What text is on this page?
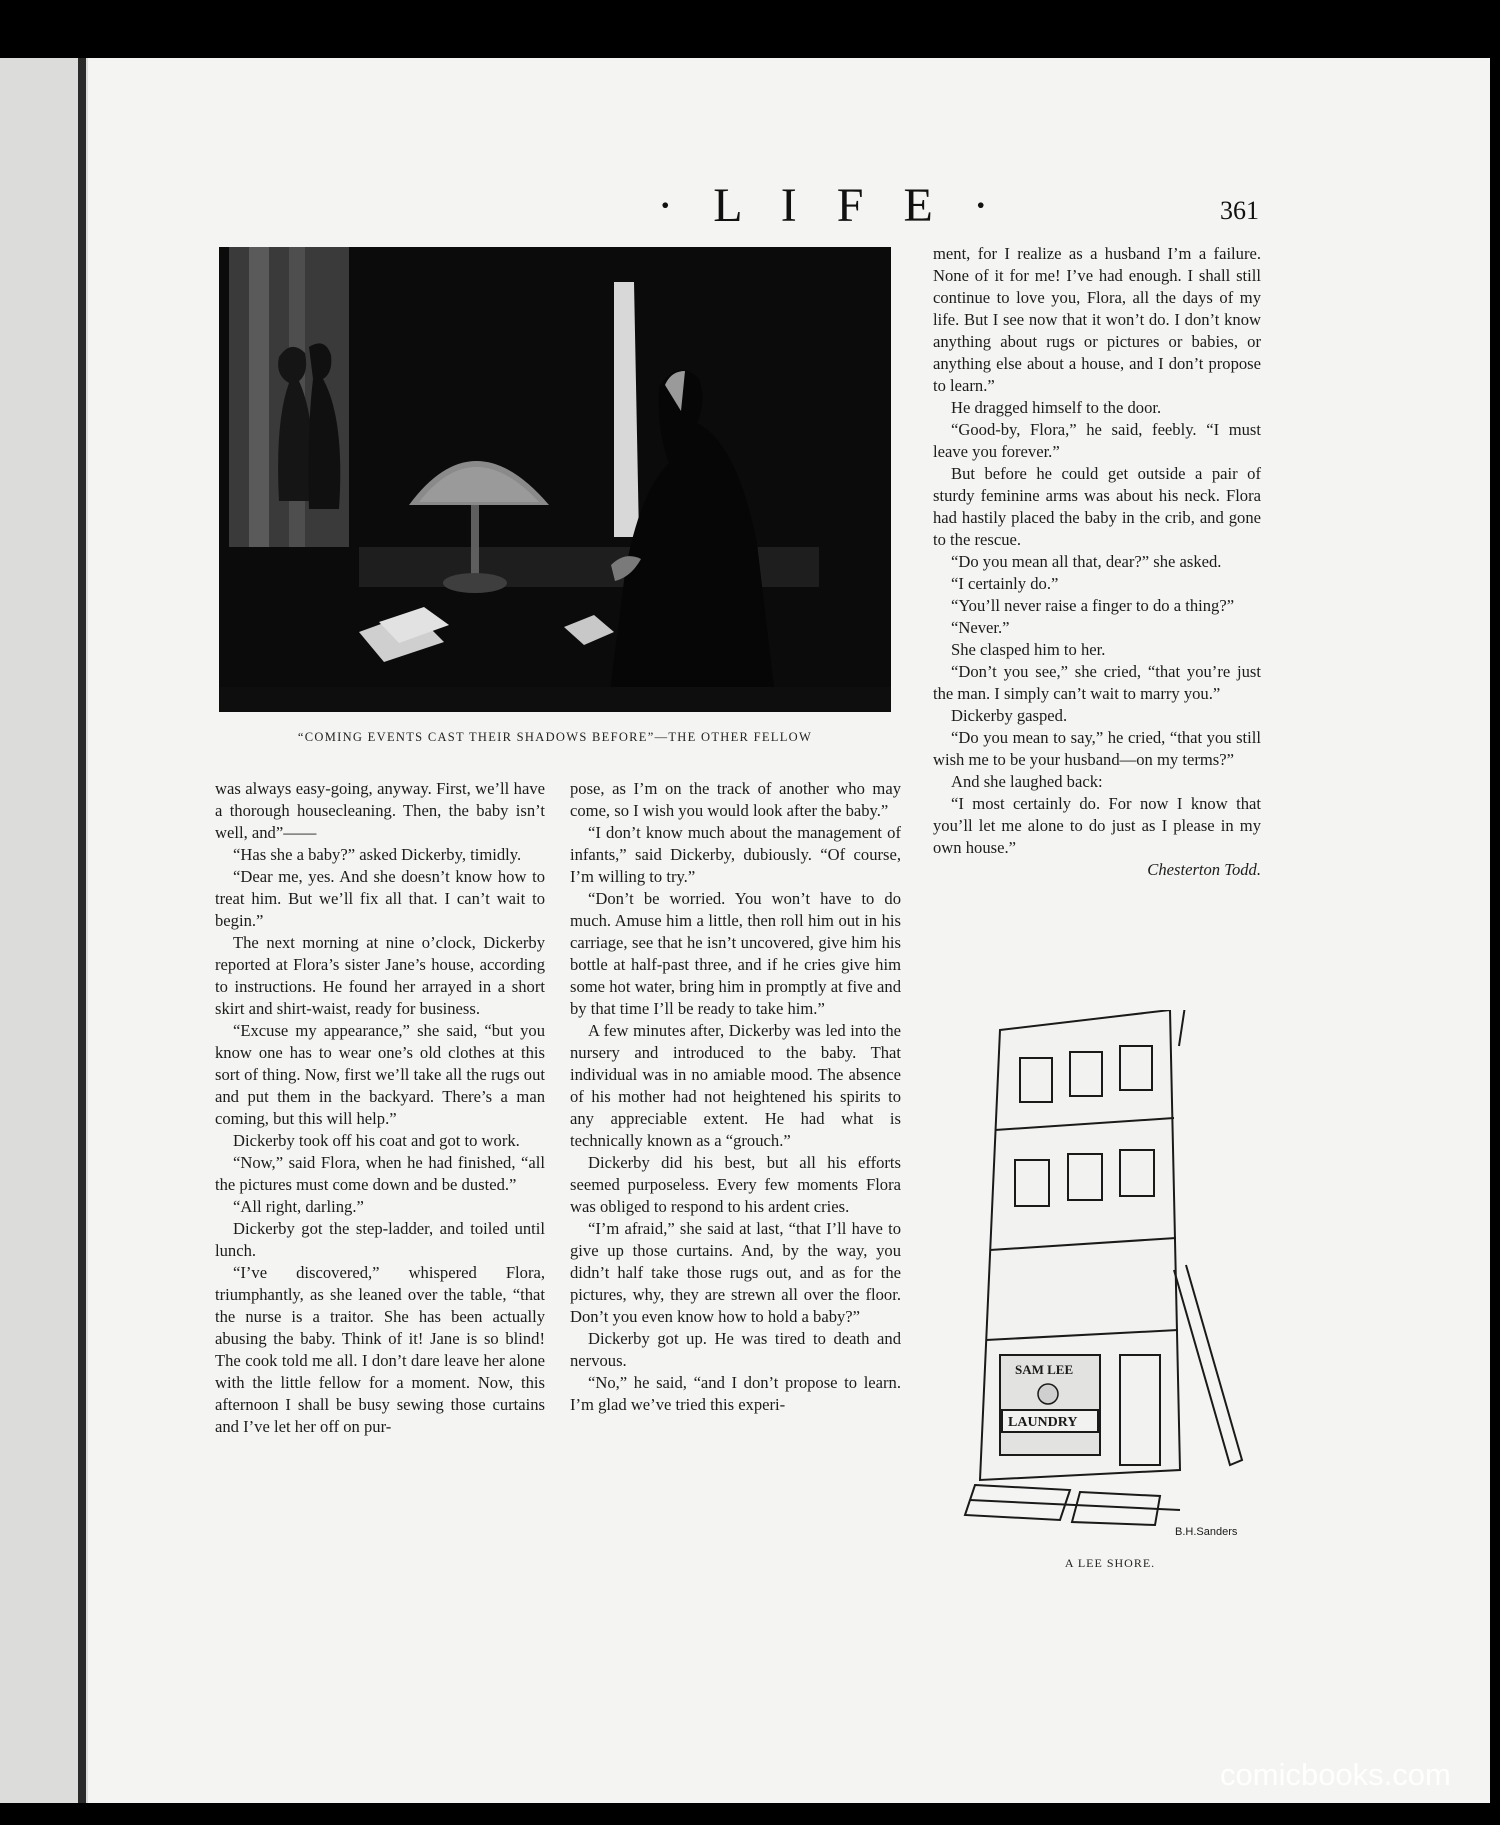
· L I F E ·	361
“COMING EVENTS CAST THEIR SHADOWS BEFORE”—THE OTHER FELLOW

was always easy-going, anyway. First, we’ll have a thorough housecleaning. Then, the baby isn’t well, and”——

“Has she a baby?” asked Dickerby, timidly.

“Dear me, yes. And she doesn’t know how to treat him. But we’ll fix all that. I can’t wait to begin.”

The next morning at nine o’clock, Dickerby reported at Flora’s sister Jane’s house, according to instructions. He found her arrayed in a short skirt and shirt-waist, ready for business.

“Excuse my appearance,” she said, “but you know one has to wear one’s old clothes at this sort of thing. Now, first we’ll take all the rugs out and put them in the backyard. There’s a man coming, but this will help.”

Dickerby took off his coat and got to work.

“Now,” said Flora, when he had finished, “all the pictures must come down and be dusted.”

“All right, darling.”

Dickerby got the step-ladder, and toiled until lunch.

“I’ve discovered,” whispered Flora, triumphantly, as she leaned over the table, “that the nurse is a traitor. She has been actually abusing the baby. Think of it! Jane is so blind! The cook told me all. I don’t dare leave her alone with the little fellow for a moment. Now, this afternoon I shall be busy sewing those curtains and I’ve let her off on pur-

pose, as I’m on the track of another who may come, so I wish you would look after the baby.”

“I don’t know much about the management of infants,” said Dickerby, dubiously. “Of course, I’m willing to try.”

“Don’t be worried. You won’t have to do much. Amuse him a little, then roll him out in his carriage, see that he isn’t uncovered, give him his bottle at half-past three, and if he cries give him some hot water, bring him in promptly at five and by that time I’ll be ready to take him.”

A few minutes after, Dickerby was led into the nursery and introduced to the baby. That individual was in no amiable mood. The absence of his mother had not heightened his spirits to any appreciable extent. He had what is technically known as a “grouch.”

Dickerby did his best, but all his efforts seemed purposeless. Every few moments Flora was obliged to respond to his ardent cries.

“I’m afraid,” she said at last, “that I’ll have to give up those curtains. And, by the way, you didn’t half take those rugs out, and as for the pictures, why, they are strewn all over the floor. Don’t you even know how to hold a baby?”

Dickerby got up. He was tired to death and nervous.

“No,” he said, “and I don’t propose to learn. I’m glad we’ve tried this experi-

ment, for I realize as a husband I’m a failure. None of it for me! I’ve had enough. I shall still continue to love you, Flora, all the days of my life. But I see now that it won’t do. I don’t know anything about rugs or pictures or babies, or anything else about a house, and I don’t propose to learn.”

He dragged himself to the door.

“Good-by, Flora,” he said, feebly. “I must leave you forever.”

But before he could get outside a pair of sturdy feminine arms was about his neck. Flora had hastily placed the baby in the crib, and gone to the rescue.

“Do you mean all that, dear?” she asked.

“I certainly do.”

“You’ll never raise a finger to do a thing?”

“Never.”

She clasped him to her.

“Don’t you see,” she cried, “that you’re just the man. I simply can’t wait to marry you.”

Dickerby gasped.

“Do you mean to say,” he cried, “that you still wish me to be your husband—on my terms?”

And she laughed back:

“I most certainly do. For now I know that you’ll let me alone to do just as I please in my own house.”

Chesterton Todd.

SAM LEE
LAUNDRY
B.H.Sanders
A LEE SHORE.
comicbooks.com
